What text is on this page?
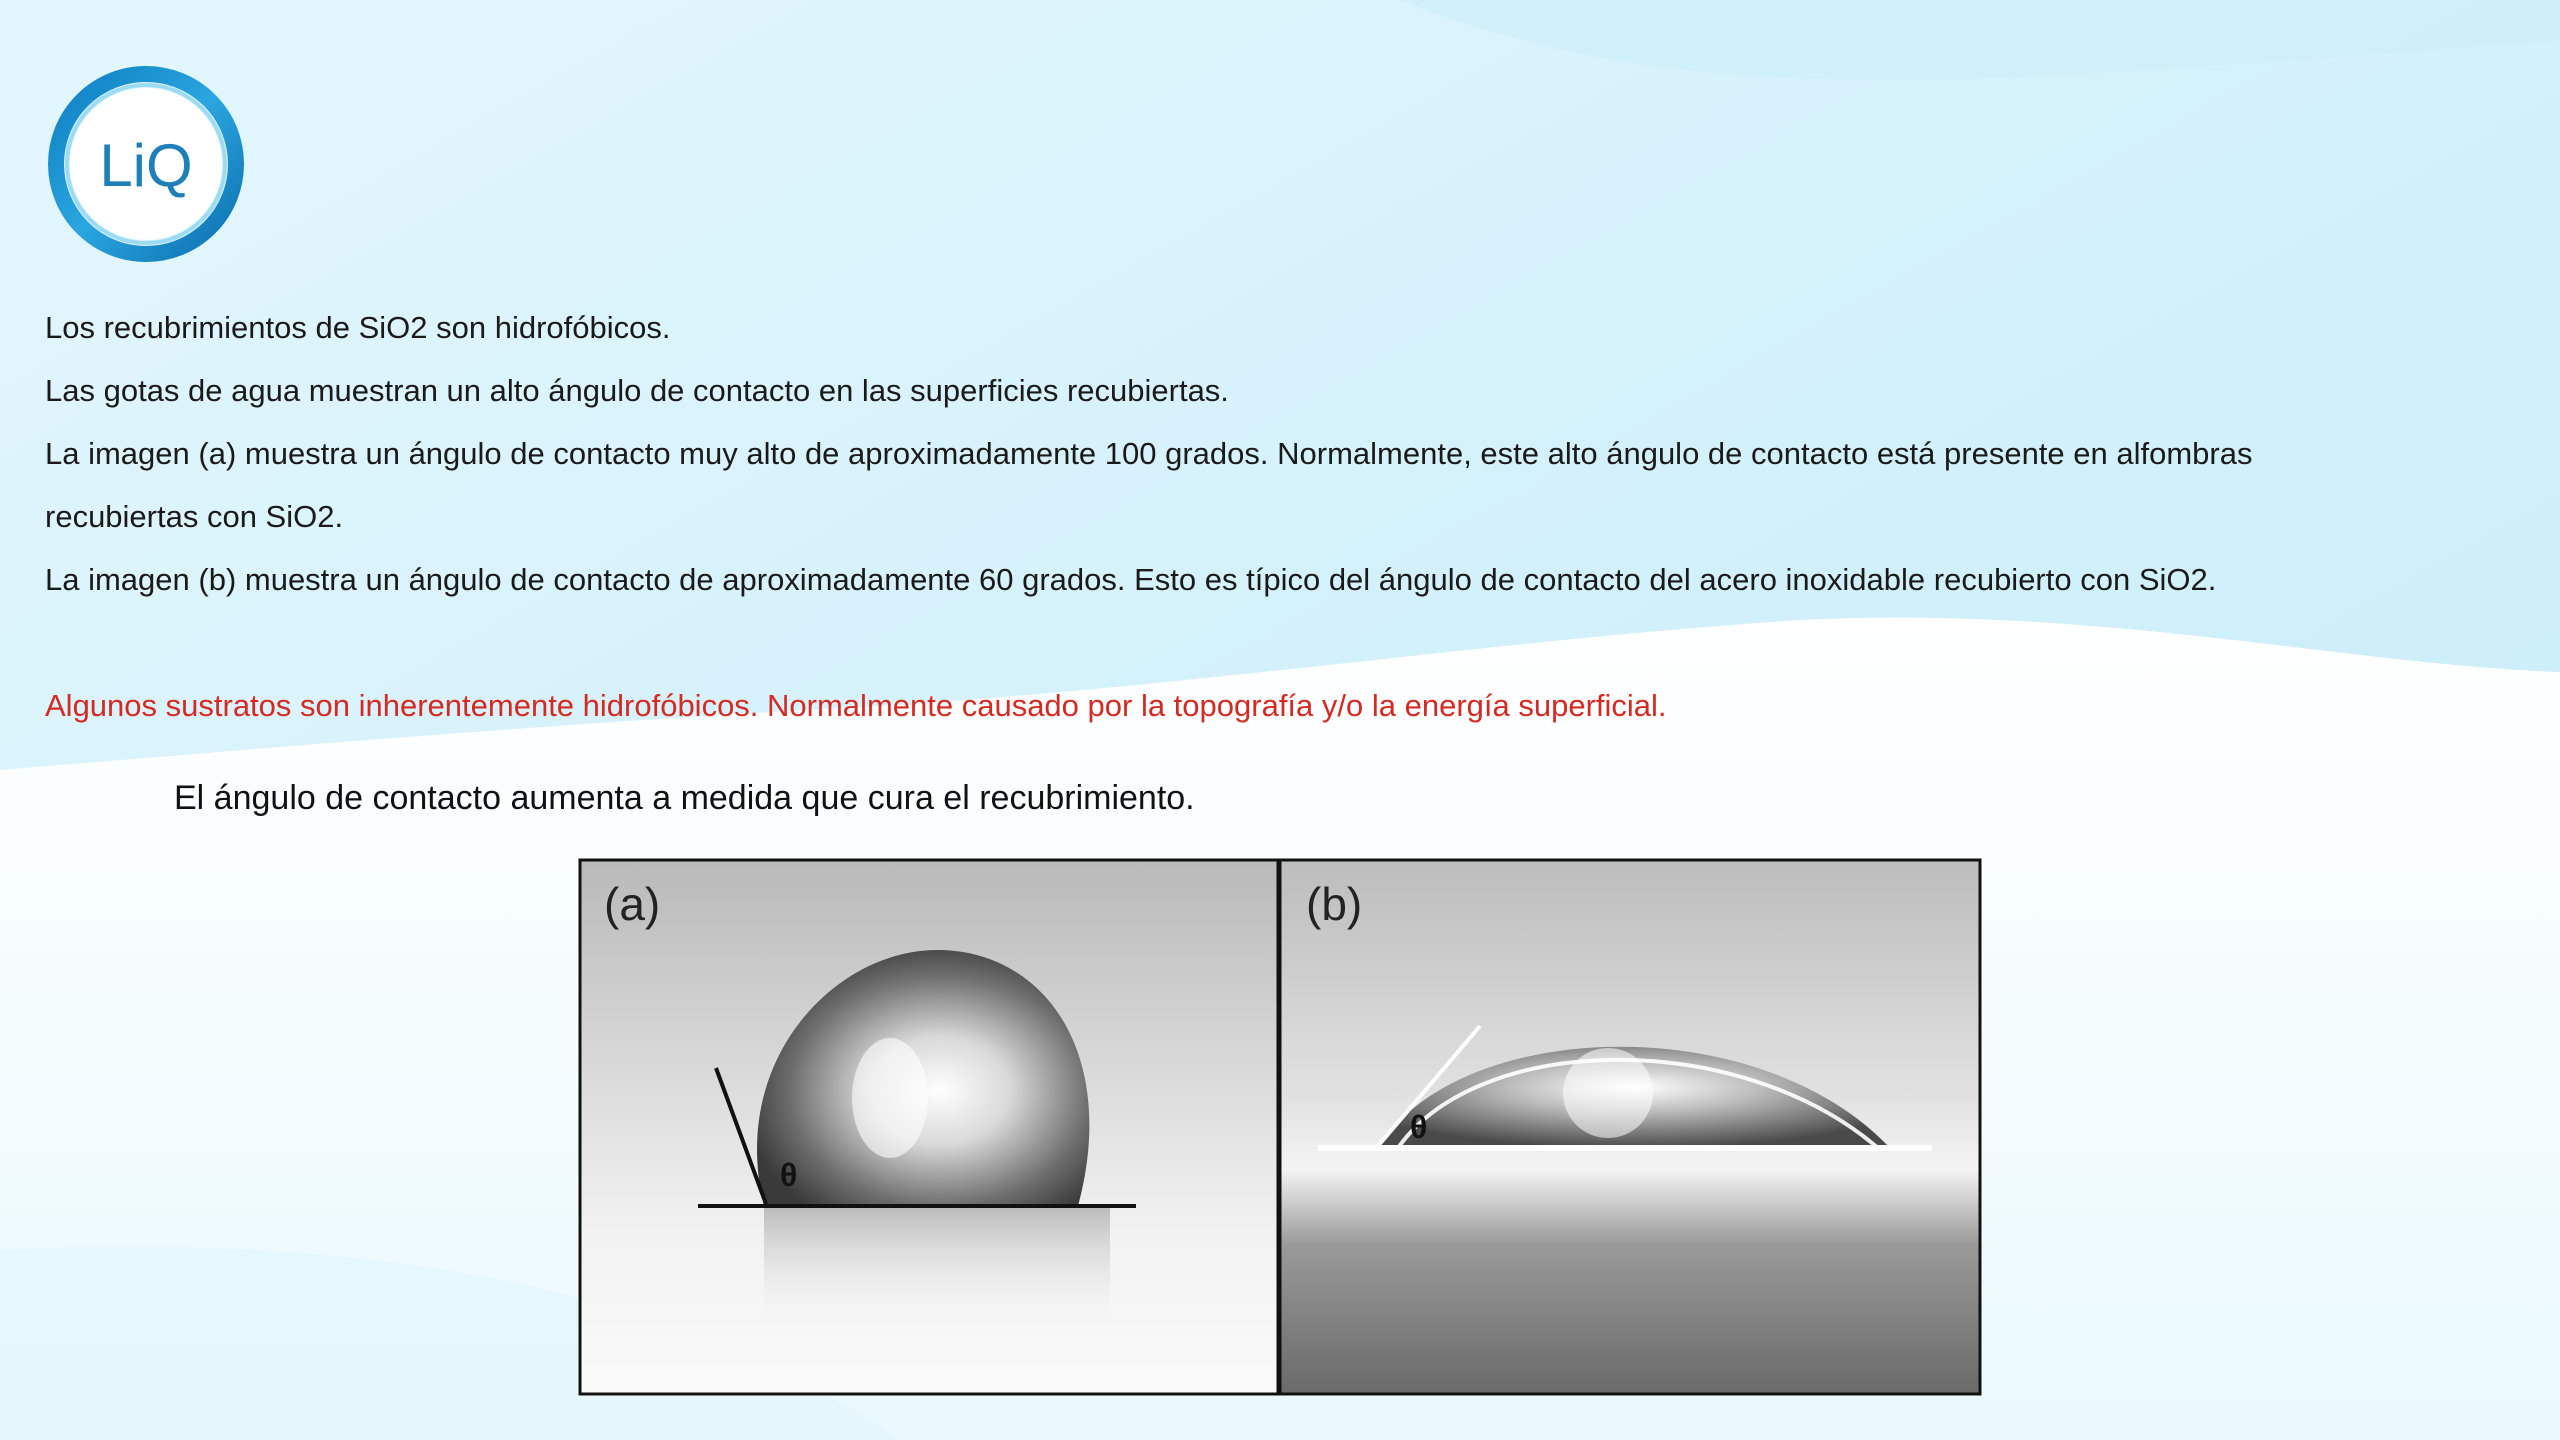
LiQ

Los recubrimientos de SiO2 son hidrofóbicos.

Las gotas de agua muestran un alto ángulo de contacto en las superficies recubiertas.

La imagen (a) muestra un ángulo de contacto muy alto de aproximadamente 100 grados. Normalmente, este alto ángulo de contacto está presente en alfombras

recubiertas con SiO2.

La imagen (b) muestra un ángulo de contacto de aproximadamente 60 grados. Esto es típico del ángulo de contacto del acero inoxidable recubierto con SiO2.

Algunos sustratos son inherentemente hidrofóbicos. Normalmente causado por la topografía y/o la energía superficial.

El ángulo de contacto aumenta a medida que cura el recubrimiento.

θ
(a)
θ
(b)
